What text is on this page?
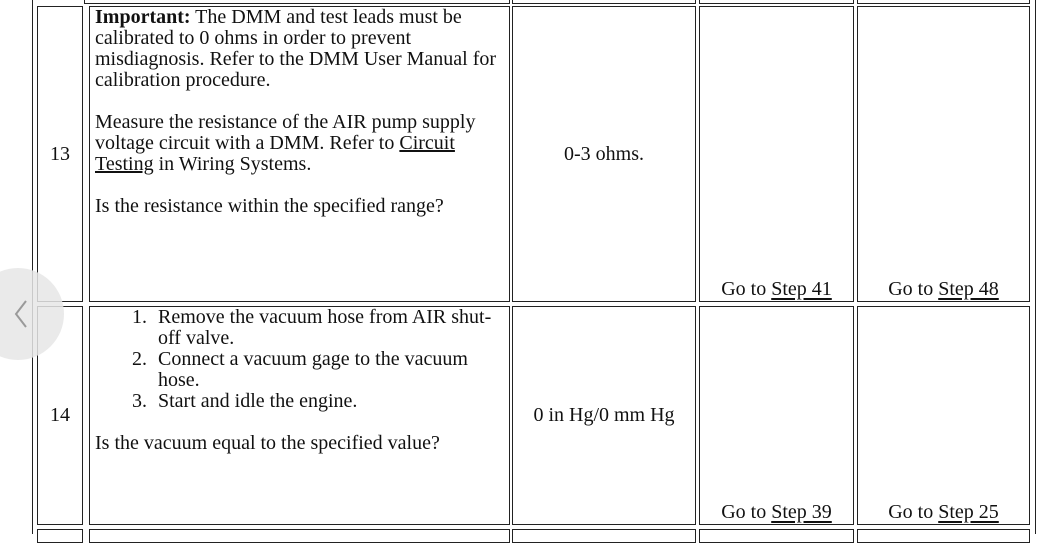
13

Important: The DMM and test leads must be calibrated to 0 ohms in order to prevent misdiagnosis. Refer to the DMM User Manual for calibration procedure.

Measure the resistance of the AIR pump supply voltage circuit with a DMM. Refer to Circuit Testing in Wiring Systems.

Is the resistance within the specified range?

0-3 ohms.
Go to Step 41	Go to Step 48
14
1. Remove the vacuum hose from AIR shut-off valve.
2. Connect a vacuum gage to the vacuum hose.
3. Start and idle the engine.

Is the vacuum equal to the specified value?

0 in Hg/0 mm Hg
Go to Step 39	Go to Step 25
